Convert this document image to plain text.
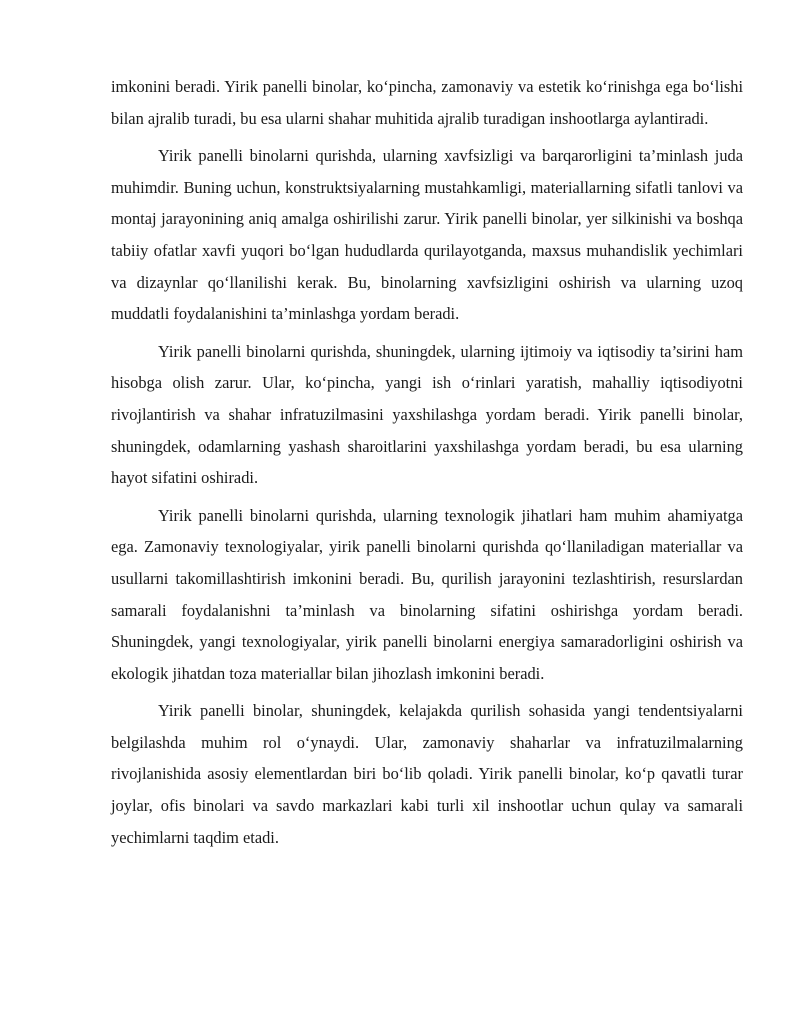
imkonini beradi. Yirik panelli binolar, ko‘pincha, zamonaviy va estetik ko‘rinishga ega bo‘lishi bilan ajralib turadi, bu esa ularni shahar muhitida ajralib turadigan inshootlarga aylantiradi.

Yirik panelli binolarni qurishda, ularning xavfsizligi va barqarorligini ta’minlash juda muhimdir. Buning uchun, konstruktsiyalarning mustahkamligi, materiallarning sifatli tanlovi va montaj jarayonining aniq amalga oshirilishi zarur. Yirik panelli binolar, yer silkinishi va boshqa tabiiy ofatlar xavfi yuqori bo‘lgan hududlarda qurilayotganda, maxsus muhandislik yechimlari va dizaynlar qo‘llanilishi kerak. Bu, binolarning xavfsizligini oshirish va ularning uzoq muddatli foydalanishini ta’minlashga yordam beradi.

Yirik panelli binolarni qurishda, shuningdek, ularning ijtimoiy va iqtisodiy ta’sirini ham hisobga olish zarur. Ular, ko‘pincha, yangi ish o‘rinlari yaratish, mahalliy iqtisodiyotni rivojlantirish va shahar infratuzilmasini yaxshilashga yordam beradi. Yirik panelli binolar, shuningdek, odamlarning yashash sharoitlarini yaxshilashga yordam beradi, bu esa ularning hayot sifatini oshiradi.

Yirik panelli binolarni qurishda, ularning texnologik jihatlari ham muhim ahamiyatga ega. Zamonaviy texnologiyalar, yirik panelli binolarni qurishda qo‘llaniladigan materiallar va usullarni takomillashtirish imkonini beradi. Bu, qurilish jarayonini tezlashtirish, resurslardan samarali foydalanishni ta’minlash va binolarning sifatini oshirishga yordam beradi. Shuningdek, yangi texnologiyalar, yirik panelli binolarni energiya samaradorligini oshirish va ekologik jihatdan toza materiallar bilan jihozlash imkonini beradi.

Yirik panelli binolar, shuningdek, kelajakda qurilish sohasida yangi tendentsiyalarni belgilashda muhim rol o‘ynaydi. Ular, zamonaviy shaharlar va infratuzilmalarning rivojlanishida asosiy elementlardan biri bo‘lib qoladi. Yirik panelli binolar, ko‘p qavatli turar joylar, ofis binolari va savdo markazlari kabi turli xil inshootlar uchun qulay va samarali yechimlarni taqdim etadi.
